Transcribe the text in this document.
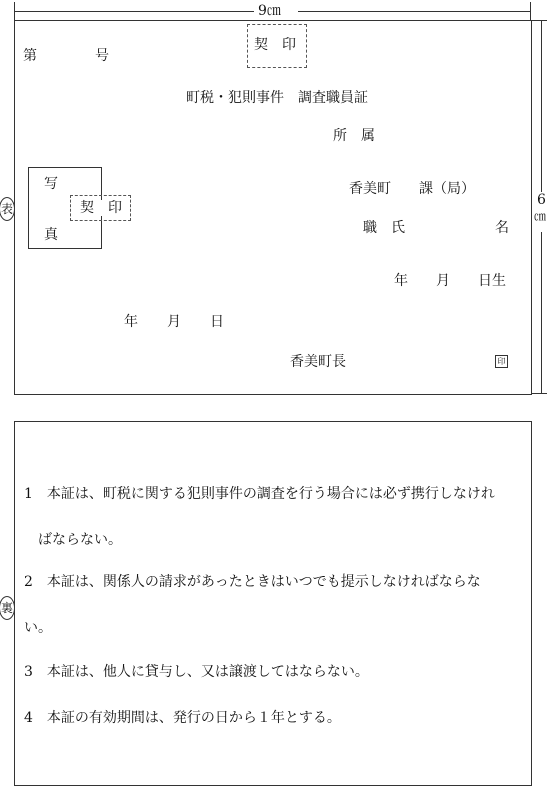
9㎝
6
㎝
表
第	号
契　印
町税・犯則事件　調査職員証
所　属
写
真
契　印
香美町　　課（局）
職　氏	名
年　　月　　日生
年 月 日
香美町長	印
裏
1　本証は、町税に関する犯則事件の調査を行う場合には必ず携行しなけれ
ばならない。
2　本証は、関係人の請求があったときはいつでも提示しなければならな
い。
3　本証は、他人に貸与し、又は譲渡してはならない。
4　本証の有効期間は、発行の日から１年とする。
